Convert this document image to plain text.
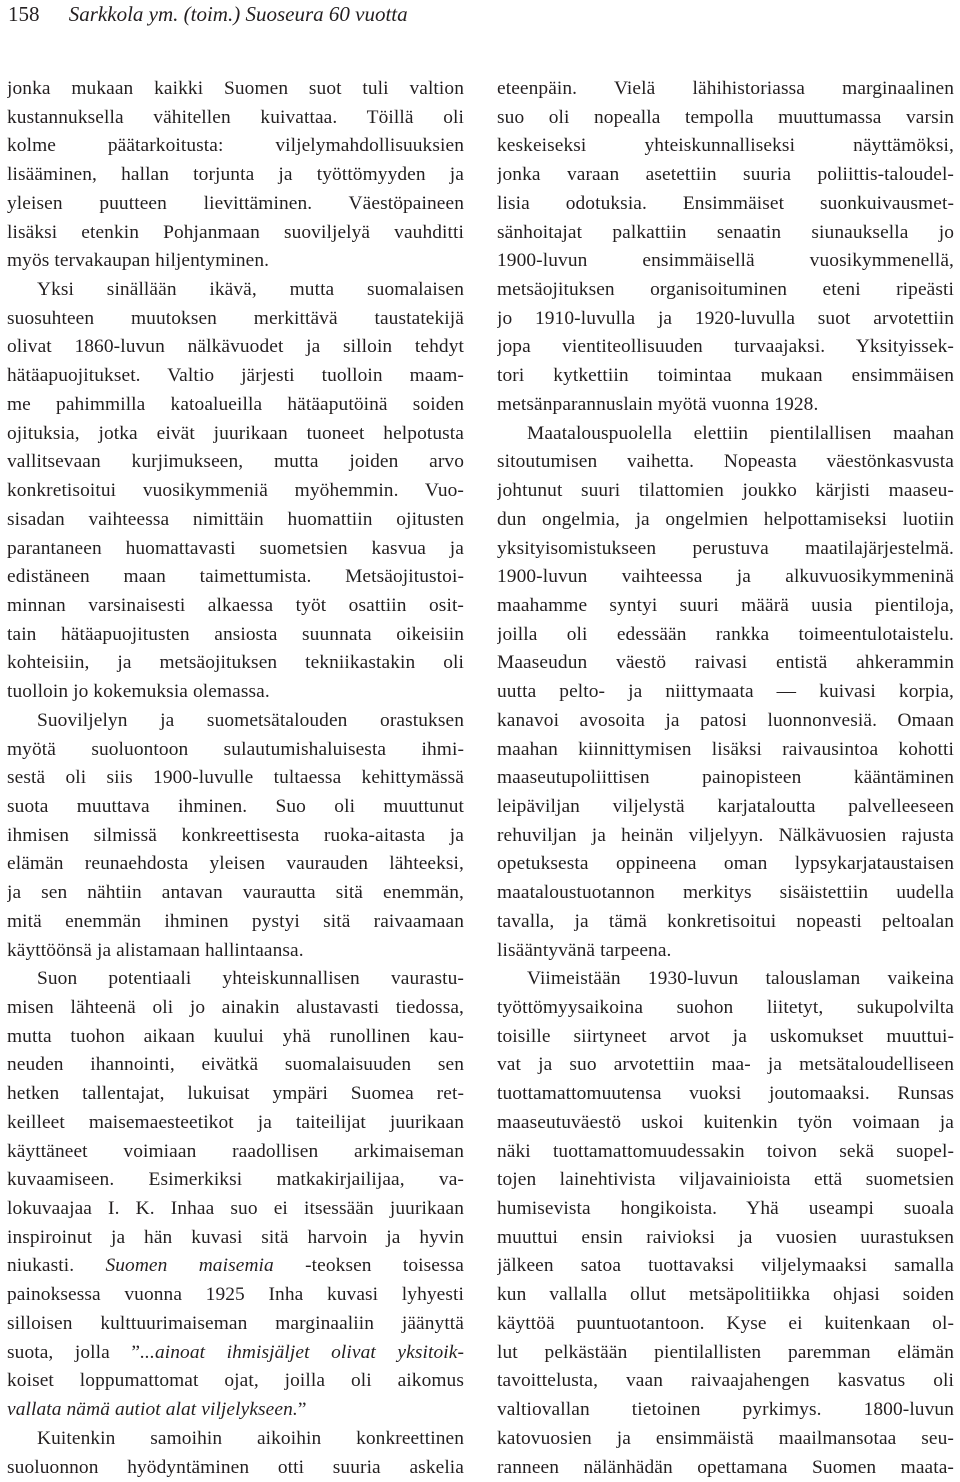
158 Sarkkola ym. (toim.) Suoseura 60 vuotta
jonka mukaan kaikki Suomen suot tuli valtion
kustannuksella vähitellen kuivattaa. Töillä oli
kolme päätarkoitusta: viljelymahdollisuuksien
lisääminen, hallan torjunta ja työttömyyden ja
yleisen puutteen lievittäminen. Väestöpaineen
lisäksi etenkin Pohjanmaan suoviljelyä vauhditti
myös tervakaupan hiljentyminen.
Yksi sinällään ikävä, mutta suomalaisen
suosuhteen muutoksen merkittävä taustatekijä
olivat 1860-luvun nälkävuodet ja silloin tehdyt
hätäapuojitukset. Valtio järjesti tuolloin maam-
me pahimmilla katoalueilla hätäaputöinä soiden
ojituksia, jotka eivät juurikaan tuoneet helpotusta
vallitsevaan kurjimukseen, mutta joiden arvo
konkretisoitui vuosikymmeniä myöhemmin. Vuo-
sisadan vaihteessa nimittäin huomattiin ojitusten
parantaneen huomattavasti suometsien kasvua ja
edistäneen maan taimettumista. Metsäojitustoi-
minnan varsinaisesti alkaessa työt osattiin osit-
tain hätäapuojitusten ansiosta suunnata oikeisiin
kohteisiin, ja metsäojituksen tekniikastakin oli
tuolloin jo kokemuksia olemassa.
Suoviljelyn ja suometsätalouden orastuksen
myötä suoluontoon sulautumishaluisesta ihmi-
sestä oli siis 1900-luvulle tultaessa kehittymässä
suota muuttava ihminen. Suo oli muuttunut
ihmisen silmissä konkreettisesta ruoka-aitasta ja
elämän reunaehdosta yleisen vaurauden lähteeksi,
ja sen nähtiin antavan vaurautta sitä enemmän,
mitä enemmän ihminen pystyi sitä raivaamaan
käyttöönsä ja alistamaan hallintaansa.
Suon potentiaali yhteiskunnallisen vaurastu-
misen lähteenä oli jo ainakin alustavasti tiedossa,
mutta tuohon aikaan kuului yhä runollinen kau-
neuden ihannointi, eivätkä suomalaisuuden sen
hetken tallentajat, lukuisat ympäri Suomea ret-
keilleet maisemaesteetikot ja taiteilijat juurikaan
käyttäneet voimiaan raadollisen arkimaiseman
kuvaamiseen. Esimerkiksi matkakirjailijaa, va-
lokuvaajaa I. K. Inhaa suo ei itsessään juurikaan
inspiroinut ja hän kuvasi sitä harvoin ja hyvin
niukasti. Suomen maisemia -teoksen toisessa
painoksessa vuonna 1925 Inha kuvasi lyhyesti
silloisen kulttuurimaiseman marginaaliin jäänyttä
suota, jolla ”...ainoat ihmisjäljet olivat yksitoik-
koiset loppumattomat ojat, joilla oli aikomus
vallata nämä autiot alat viljelykseen.”
Kuitenkin samoihin aikoihin konkreettinen
suoluonnon hyödyntäminen otti suuria askelia
eteenpäin. Vielä lähihistoriassa marginaalinen
suo oli nopealla tempolla muuttumassa varsin
keskeiseksi yhteiskunnalliseksi näyttämöksi,
jonka varaan asetettiin suuria poliittis-taloudel-
lisia odotuksia. Ensimmäiset suonkuivausmet-
sänhoitajat palkattiin senaatin siunauksella jo
1900-luvun ensimmäisellä vuosikymmenellä,
metsäojituksen organisoituminen eteni ripeästi
jo 1910-luvulla ja 1920-luvulla suot arvotettiin
jopa vientiteollisuuden turvaajaksi. Yksityissek-
tori kytkettiin toimintaa mukaan ensimmäisen
metsänparannuslain myötä vuonna 1928.
Maatalouspuolella elettiin pientilallisen maahan
sitoutumisen vaihetta. Nopeasta väestönkasvusta
johtunut suuri tilattomien joukko kärjisti maaseu-
dun ongelmia, ja ongelmien helpottamiseksi luotiin
yksityisomistukseen perustuva maatilajärjestelmä.
1900-luvun vaihteessa ja alkuvuosikymmeninä
maahamme syntyi suuri määrä uusia pientiloja,
joilla oli edessään rankka toimeentulotaistelu.
Maaseudun väestö raivasi entistä ahkerammin
uutta pelto- ja niittymaata — kuivasi korpia,
kanavoi avosoita ja patosi luonnonvesiä. Omaan
maahan kiinnittymisen lisäksi raivausintoa kohotti
maaseutupoliittisen painopisteen kääntäminen
leipäviljan viljelystä karjataloutta palvelleeseen
rehuviljan ja heinän viljelyyn. Nälkävuosien rajusta
opetuksesta oppineena oman lypsykarjataustaisen
maataloustuotannon merkitys sisäistettiin uudella
tavalla, ja tämä konkretisoitui nopeasti peltoalan
lisääntyvänä tarpeena.
Viimeistään 1930-luvun talouslaman vaikeina
työttömyysaikoina suohon liitetyt, sukupolvilta
toisille siirtyneet arvot ja uskomukset muuttui-
vat ja suo arvotettiin maa- ja metsätaloudelliseen
tuottamattomuutensa vuoksi joutomaaksi. Runsas
maaseutuväestö uskoi kuitenkin työn voimaan ja
näki tuottamattomuudessakin toivon sekä suopel-
tojen lainehtivista viljavainioista että suometsien
humisevista hongikoista. Yhä useampi suoala
muuttui ensin raivioksi ja vuosien uurastuksen
jälkeen satoa tuottavaksi viljelymaaksi samalla
kun vallalla ollut metsäpolitiikka ohjasi soiden
käyttöä puuntuotantoon. Kyse ei kuitenkaan ol-
lut pelkästään pientilallisten paremman elämän
tavoittelusta, vaan raivaajahengen kasvatus oli
valtiovallan tietoinen pyrkimys. 1800-luvun
katovuosien ja ensimmäistä maailmansotaa seu-
ranneen nälänhädän opettamana Suomen maata-
